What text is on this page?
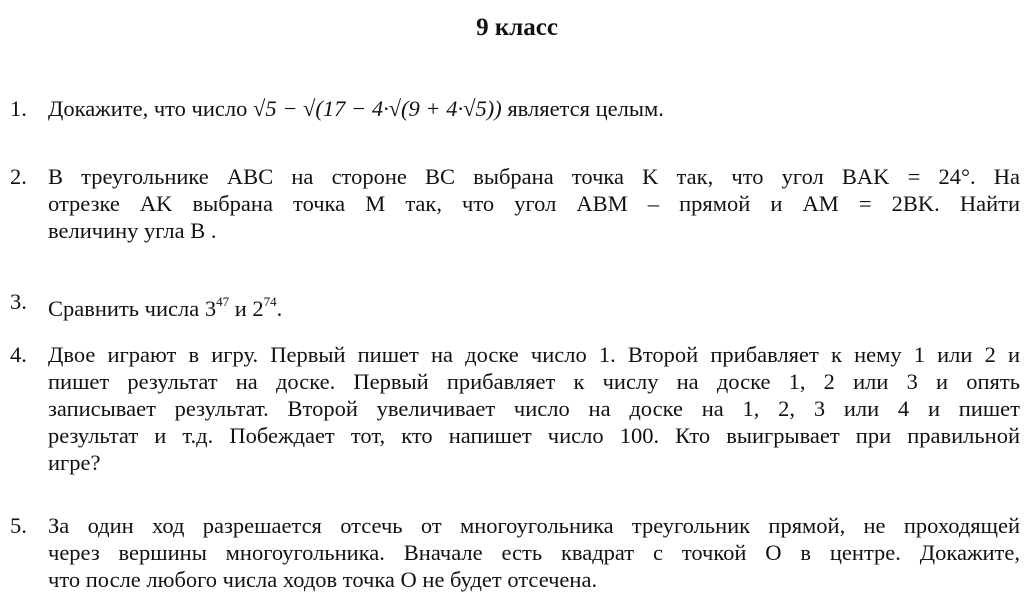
9 класс
1. Докажите, что число √5 − √(17 − 4·√(9 + 4·√5)) является целым.
2. В треугольнике ABC на стороне BC выбрана точка K так, что угол BAK = 24°. На
отрезке AK выбрана точка M так, что угол ABM – прямой и AM = 2BK. Найти
величину угла B .
3. Сравнить числа $3^{47}$ и $2^{74}$.
4. Двое играют в игру. Первый пишет на доске число 1. Второй прибавляет к нему 1 или 2 и
пишет результат на доске. Первый прибавляет к числу на доске 1, 2 или 3 и опять
записывает результат. Второй увеличивает число на доске на 1, 2, 3 или 4 и пишет
результат и т.д. Побеждает тот, кто напишет число 100. Кто выигрывает при правильной
игре?
5. За один ход разрешается отсечь от многоугольника треугольник прямой, не проходящей
через вершины многоугольника. Вначале есть квадрат с точкой O в центре. Докажите,
что после любого числа ходов точка O не будет отсечена.
